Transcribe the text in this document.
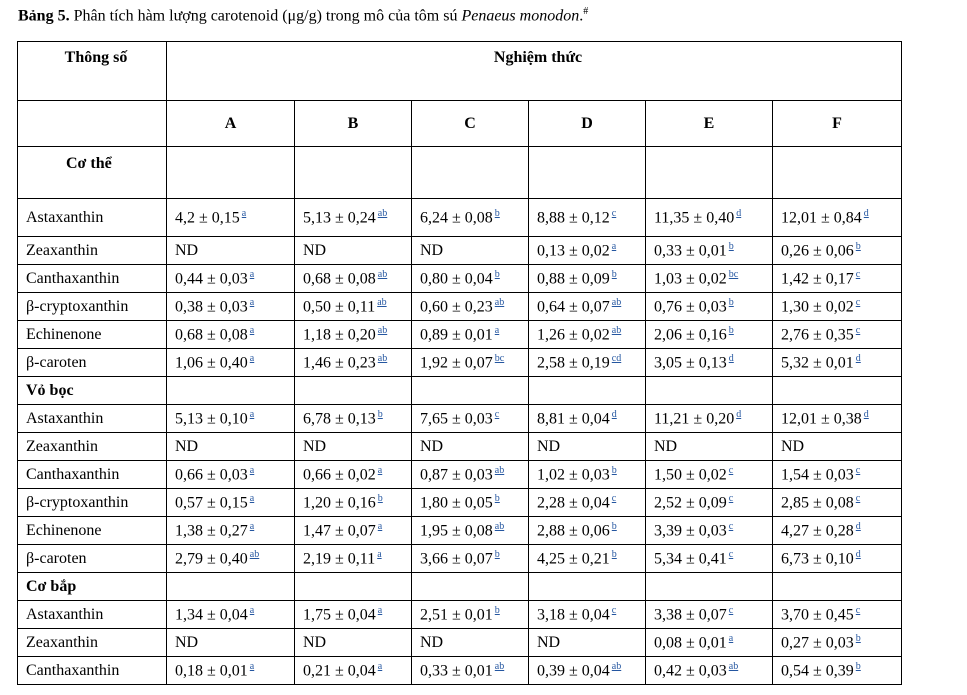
Bảng 5. Phân tích hàm lượng carotenoid (μg/g) trong mô của tôm sú Penaeus monodon.#
Thông số	Nghiệm thức					
	A	B	C	D	E	F
Cơ thể						
Astaxanthin	4,2 ± 0,15 $^a$	5,13 ± 0,24 $^{ab}$	6,24 ± 0,08 $^b$	8,88 ± 0,12 $^c$	11,35 ± 0,40 $^d$	12,01 ± 0,84 $^d$
Zeaxanthin	ND	ND	ND	0,13 ± 0,02 $^a$	0,33 ± 0,01 $^b$	0,26 ± 0,06 $^b$
Canthaxanthin	0,44 ± 0,03 $^a$	0,68 ± 0,08 $^{ab}$	0,80 ± 0,04 $^b$	0,88 ± 0,09 $^b$	1,03 ± 0,02 $^{bc}$	1,42 ± 0,17 $^c$
β-cryptoxanthin	0,38 ± 0,03 $^a$	0,50 ± 0,11 $^{ab}$	0,60 ± 0,23 $^{ab}$	0,64 ± 0,07 $^{ab}$	0,76 ± 0,03 $^b$	1,30 ± 0,02 $^c$
Echinenone	0,68 ± 0,08 $^a$	1,18 ± 0,20 $^{ab}$	0,89 ± 0,01 $^a$	1,26 ± 0,02 $^{ab}$	2,06 ± 0,16 $^b$	2,76 ± 0,35 $^c$
β-caroten	1,06 ± 0,40 $^a$	1,46 ± 0,23 $^{ab}$	1,92 ± 0,07 $^{bc}$	2,58 ± 0,19 $^{cd}$	3,05 ± 0,13 $^d$	5,32 ± 0,01 $^d$
Vỏ bọc						
Astaxanthin	5,13 ± 0,10 $^a$	6,78 ± 0,13 $^b$	7,65 ± 0,03 $^c$	8,81 ± 0,04 $^d$	11,21 ± 0,20 $^d$	12,01 ± 0,38 $^d$
Zeaxanthin	ND	ND	ND	ND	ND	ND
Canthaxanthin	0,66 ± 0,03 $^a$	0,66 ± 0,02 $^a$	0,87 ± 0,03 $^{ab}$	1,02 ± 0,03 $^b$	1,50 ± 0,02 $^c$	1,54 ± 0,03 $^c$
β-cryptoxanthin	0,57 ± 0,15 $^a$	1,20 ± 0,16 $^b$	1,80 ± 0,05 $^b$	2,28 ± 0,04 $^c$	2,52 ± 0,09 $^c$	2,85 ± 0,08 $^c$
Echinenone	1,38 ± 0,27 $^a$	1,47 ± 0,07 $^a$	1,95 ± 0,08 $^{ab}$	2,88 ± 0,06 $^b$	3,39 ± 0,03 $^c$	4,27 ± 0,28 $^d$
β-caroten	2,79 ± 0,40 $^{ab}$	2,19 ± 0,11 $^a$	3,66 ± 0,07 $^b$	4,25 ± 0,21 $^b$	5,34 ± 0,41 $^c$	6,73 ± 0,10 $^d$
Cơ bắp						
Astaxanthin	1,34 ± 0,04 $^a$	1,75 ± 0,04 $^a$	2,51 ± 0,01 $^b$	3,18 ± 0,04 $^c$	3,38 ± 0,07 $^c$	3,70 ± 0,45 $^c$
Zeaxanthin	ND	ND	ND	ND	0,08 ± 0,01 $^a$	0,27 ± 0,03 $^b$
Canthaxanthin	0,18 ± 0,01 $^a$	0,21 ± 0,04 $^a$	0,33 ± 0,01 $^{ab}$	0,39 ± 0,04 $^{ab}$	0,42 ± 0,03 $^{ab}$	0,54 ± 0,39 $^b$
